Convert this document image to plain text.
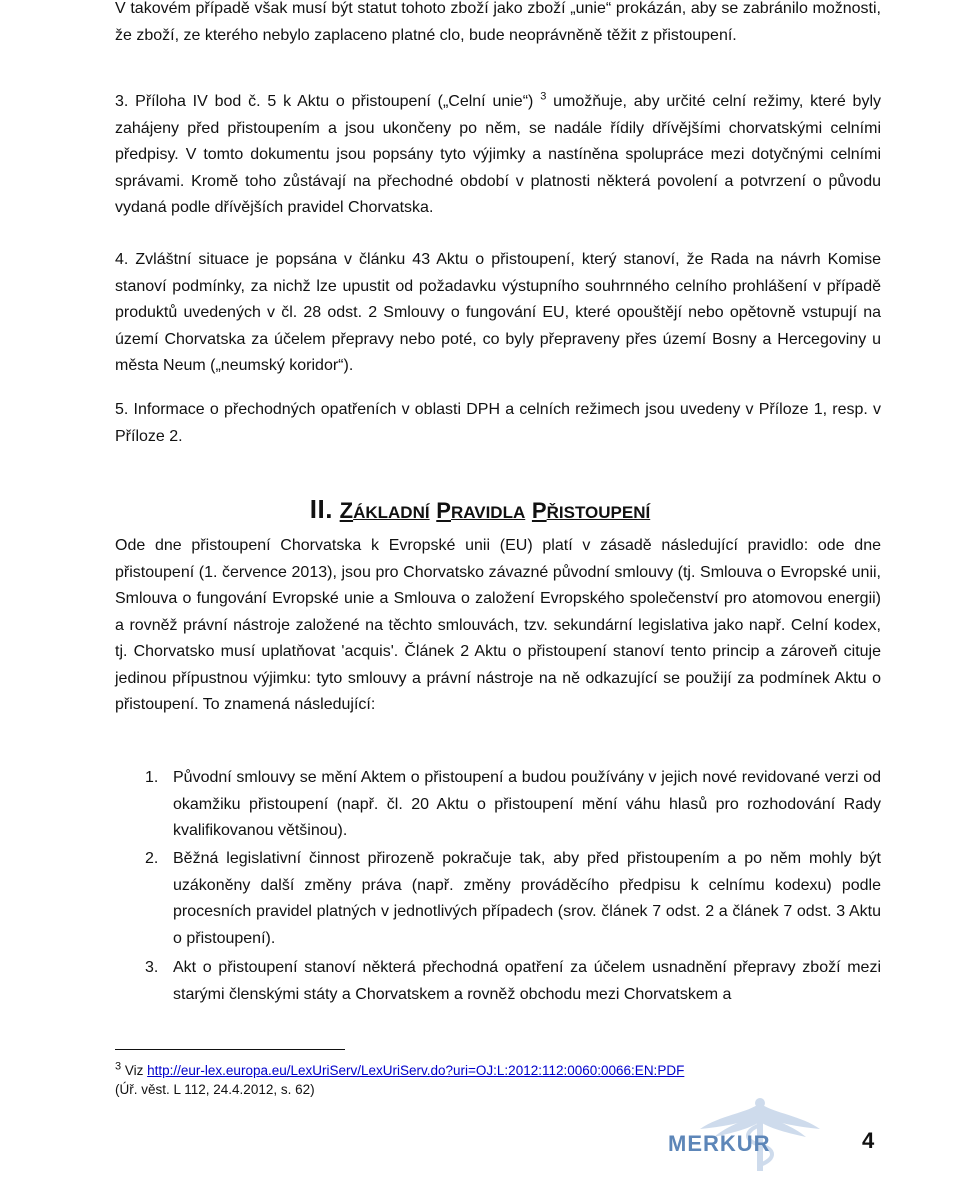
V takovém případě však musí být statut tohoto zboží jako zboží „unie“ prokázán, aby se zabránilo možnosti, že zboží, ze kterého nebylo zaplaceno platné clo, bude neoprávněně těžit z přistoupení.

3. Příloha IV bod č. 5 k Aktu o přistoupení („Celní unie“) $^3$ umožňuje, aby určité celní režimy, které byly zahájeny před přistoupením a jsou ukončeny po něm, se nadále řídily dřívějšími chorvatskými celními předpisy. V tomto dokumentu jsou popsány tyto výjimky a nastíněna spolupráce mezi dotyčnými celními správami. Kromě toho zůstávají na přechodné období v platnosti některá povolení a potvrzení o původu vydaná podle dřívějších pravidel Chorvatska.

4. Zvláštní situace je popsána v článku 43 Aktu o přistoupení, který stanoví, že Rada na návrh Komise stanoví podmínky, za nichž lze upustit od požadavku výstupního souhrnného celního prohlášení v případě produktů uvedených v čl. 28 odst. 2 Smlouvy o fungování EU, které opouštějí nebo opětovně vstupují na území Chorvatska za účelem přepravy nebo poté, co byly přepraveny přes území Bosny a Hercegoviny u města Neum („neumský koridor“).

5. Informace o přechodných opatřeních v oblasti DPH a celních režimech jsou uvedeny v Příloze 1, resp. v Příloze 2.

II. ZÁKLADNÍ PRAVIDLA PŘISTOUPENÍ

Ode dne přistoupení Chorvatska k Evropské unii (EU) platí v zásadě následující pravidlo: ode dne přistoupení (1. července 2013), jsou pro Chorvatsko závazné původní smlouvy (tj. Smlouva o Evropské unii, Smlouva o fungování Evropské unie a Smlouva o založení Evropského společenství pro atomovou energii) a rovněž právní nástroje založené na těchto smlouvách, tzv. sekundární legislativa jako např. Celní kodex, tj. Chorvatsko musí uplatňovat 'acquis'. Článek 2 Aktu o přistoupení stanoví tento princip a zároveň cituje jedinou přípustnou výjimku: tyto smlouvy a právní nástroje na ně odkazující se použijí za podmínek Aktu o přistoupení. To znamená následující:

1. Původní smlouvy se mění Aktem o přistoupení a budou používány v jejich nové revidované verzi od okamžiku přistoupení (např. čl. 20 Aktu o přistoupení mění váhu hlasů pro rozhodování Rady kvalifikovanou většinou).
2. Běžná legislativní činnost přirozeně pokračuje tak, aby před přistoupením a po něm mohly být uzákoněny další změny práva (např. změny prováděcího předpisu k celnímu kodexu) podle procesních pravidel platných v jednotlivých případech (srov. článek 7 odst. 2 a článek 7 odst. 3 Aktu o přistoupení).
3. Akt o přistoupení stanoví některá přechodná opatření za účelem usnadnění přepravy zboží mezi starými členskými státy a Chorvatskem a rovněž obchodu mezi Chorvatskem a
$^3$ Viz http://eur-lex.europa.eu/LexUriServ/LexUriServ.do?uri=OJ:L:2012:112:0060:0066:EN:PDF
(Úř. věst. L 112, 24.4.2012, s. 62)
MERKUR	4
